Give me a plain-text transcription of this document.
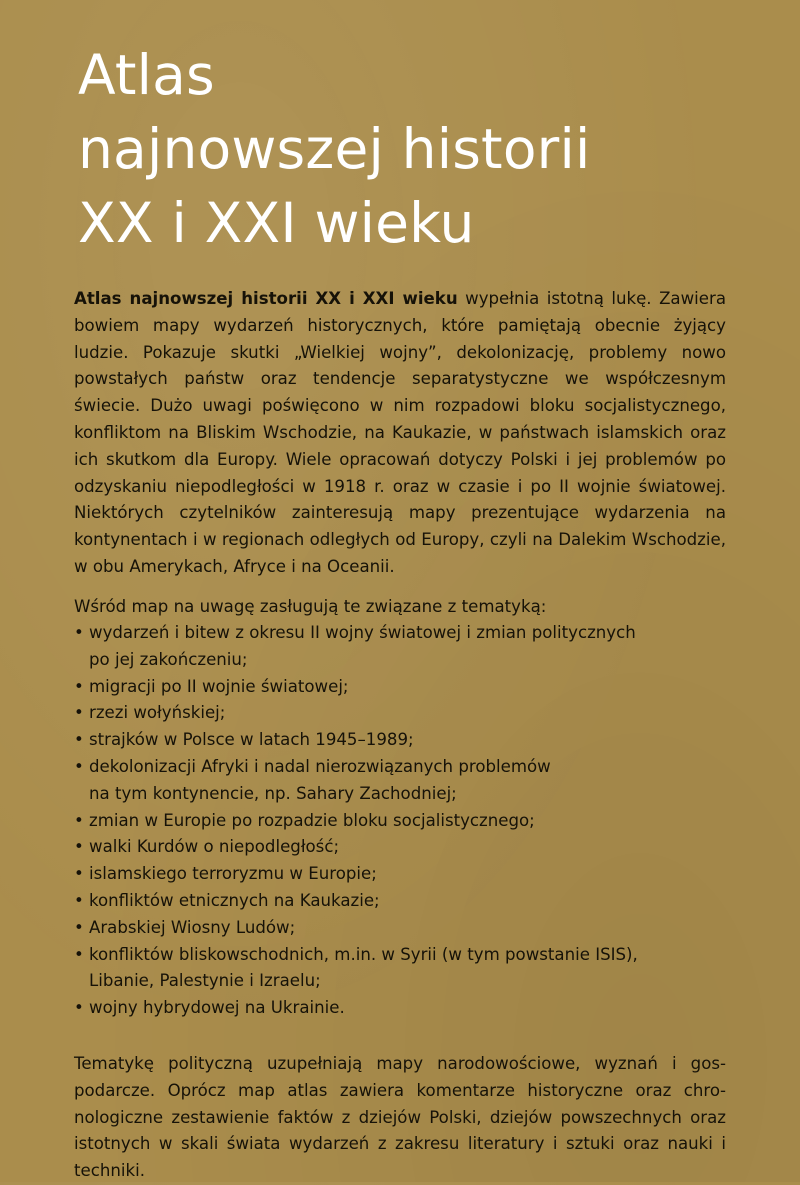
Atlas
najnowszej historii
XX i XXI wieku

Atlas najnowszej historii XX i XXI wieku wypełnia istotną lukę. Zawiera bowiem mapy wydarzeń historycznych, które pamiętają obecnie żyjący ludzie. Pokazuje skutki „Wielkiej wojny”, dekolonizację, problemy nowo powstałych państw oraz tendencje separatystyczne we współczesnym świecie. Dużo uwagi poświęcono w nim rozpadowi bloku socjalistycznego, konfliktom na Bliskim Wschodzie, na Kaukazie, w państwach islamskich oraz ich skutkom dla Europy. Wiele opracowań dotyczy Polski i jej problemów po odzyskaniu niepodległości w 1918 r. oraz w czasie i po II wojnie światowej. Niektórych czytelników zainteresują mapy prezentujące wydarzenia na kontynentach i w regionach odległych od Europy, czyli na Dalekim Wschodzie, w obu Amerykach, Afryce i na Oceanii.

Wśród map na uwagę zasługują te związane z tematyką:

• wydarzeń i bitew z okresu II wojny światowej i zmian politycznych
po jej zakończeniu;
• migracji po II wojnie światowej;
• rzezi wołyńskiej;
• strajków w Polsce w latach 1945–1989;
• dekolonizacji Afryki i nadal nierozwiązanych problemów
na tym kontynencie, np. Sahary Zachodniej;
• zmian w Europie po rozpadzie bloku socjalistycznego;
• walki Kurdów o niepodległość;
• islamskiego terroryzmu w Europie;
• konfliktów etnicznych na Kaukazie;
• Arabskiej Wiosny Ludów;
• konfliktów bliskowschodnich, m.in. w Syrii (w tym powstanie ISIS),
Libanie, Palestynie i Izraelu;
• wojny hybrydowej na Ukrainie.

Tematykę polityczną uzupełniają mapy narodowościowe, wyznań i gospodarcze. Oprócz map atlas zawiera komentarze historyczne oraz chronologiczne zestawienie faktów z dziejów Polski, dziejów powszechnych oraz istotnych w skali świata wydarzeń z zakresu literatury i sztuki oraz nauki i techniki.
